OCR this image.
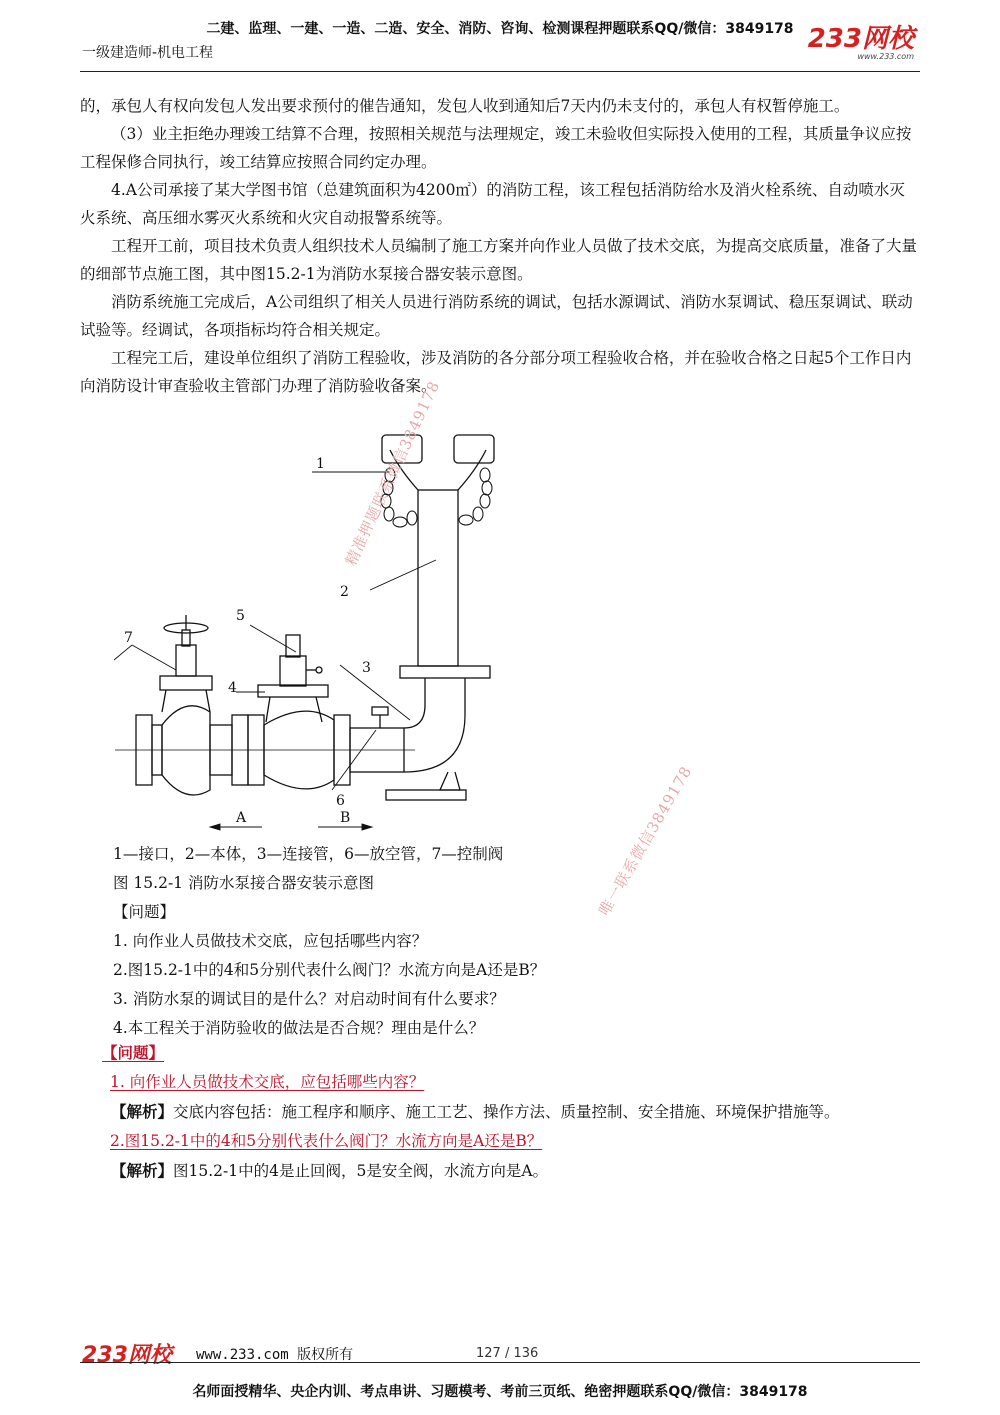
二建、监理、一建、一造、二造、安全、消防、咨询、检测课程押题联系QQ/微信：3849178
一级建造师-机电工程	233网校
www.233.com

的，承包人有权向发包人发出要求预付的催告通知，发包人收到通知后7天内仍未支付的，承包人有权暂停施工。

（3）业主拒绝办理竣工结算不合理，按照相关规范与法理规定，竣工未验收但实际投入使用的工程，其质量争议应按工程保修合同执行，竣工结算应按照合同约定办理。

4.A公司承接了某大学图书馆（总建筑面积为4200㎡）的消防工程，该工程包括消防给水及消火栓系统、自动喷水灭火系统、高压细水雾灭火系统和火灾自动报警系统等。

工程开工前，项目技术负责人组织技术人员编制了施工方案并向作业人员做了技术交底，为提高交底质量，准备了大量的细部节点施工图，其中图15.2-1为消防水泵接合器安装示意图。

消防系统施工完成后，A公司组织了相关人员进行消防系统的调试，包括水源调试、消防水泵调试、稳压泵调试、联动试验等。经调试，各项指标均符合相关规定。

工程完工后，建设单位组织了消防工程验收，涉及消防的各分部分项工程验收合格，并在验收合格之日起5个工作日内向消防设计审查验收主管部门办理了消防验收备案。

1
2
3
4
5
6
7
A	B
精准押题联系微信3849178
唯一联系微信3849178

1—接口，2—本体，3—连接管，6—放空管，7—控制阀

图 15.2-1 消防水泵接合器安装示意图

【问题】

1. 向作业人员做技术交底，应包括哪些内容？

2.图15.2-1中的4和5分别代表什么阀门？水流方向是A还是B？

3. 消防水泵的调试目的是什么？对启动时间有什么要求？

4.本工程关于消防验收的做法是否合规？理由是什么？

【问题】

1. 向作业人员做技术交底，应包括哪些内容？

【解析】交底内容包括：施工程序和顺序、施工工艺、操作方法、质量控制、安全措施、环境保护措施等。

2.图15.2-1中的4和5分别代表什么阀门？水流方向是A还是B？

【解析】图15.2-1中的4是止回阀，5是安全阀，水流方向是A。

233网校 www.233.com 版权所有	127 / 136
名师面授精华、央企内训、考点串讲、习题模考、考前三页纸、绝密押题联系QQ/微信：3849178
